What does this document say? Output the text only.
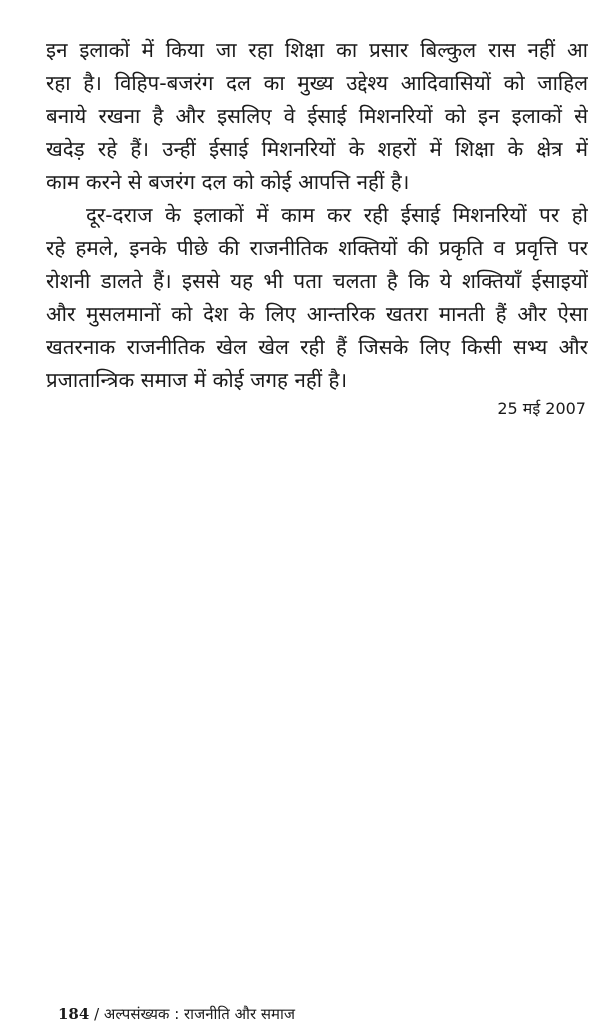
इन इलाकों में किया जा रहा शिक्षा का प्रसार बिल्कुल रास नहीं आ
रहा है। विहिप-बजरंग दल का मुख्य उद्देश्य आदिवासियों को जाहिल
बनाये रखना है और इसलिए वे ईसाई मिशनरियों को इन इलाकों से
खदेड़ रहे हैं। उन्हीं ईसाई मिशनरियों के शहरों में शिक्षा के क्षेत्र में
काम करने से बजरंग दल को कोई आपत्ति नहीं है।
दूर-दराज के इलाकों में काम कर रही ईसाई मिशनरियों पर हो
रहे हमले, इनके पीछे की राजनीतिक शक्तियों की प्रकृति व प्रवृत्ति पर
रोशनी डालते हैं। इससे यह भी पता चलता है कि ये शक्तियाँ ईसाइयों
और मुसलमानों को देश के लिए आन्तरिक खतरा मानती हैं और ऐसा
खतरनाक राजनीतिक खेल खेल रही हैं जिसके लिए किसी सभ्य और
प्रजातान्त्रिक समाज में कोई जगह नहीं है।
25 मई 2007
184 / अल्पसंख्यक : राजनीति और समाज
